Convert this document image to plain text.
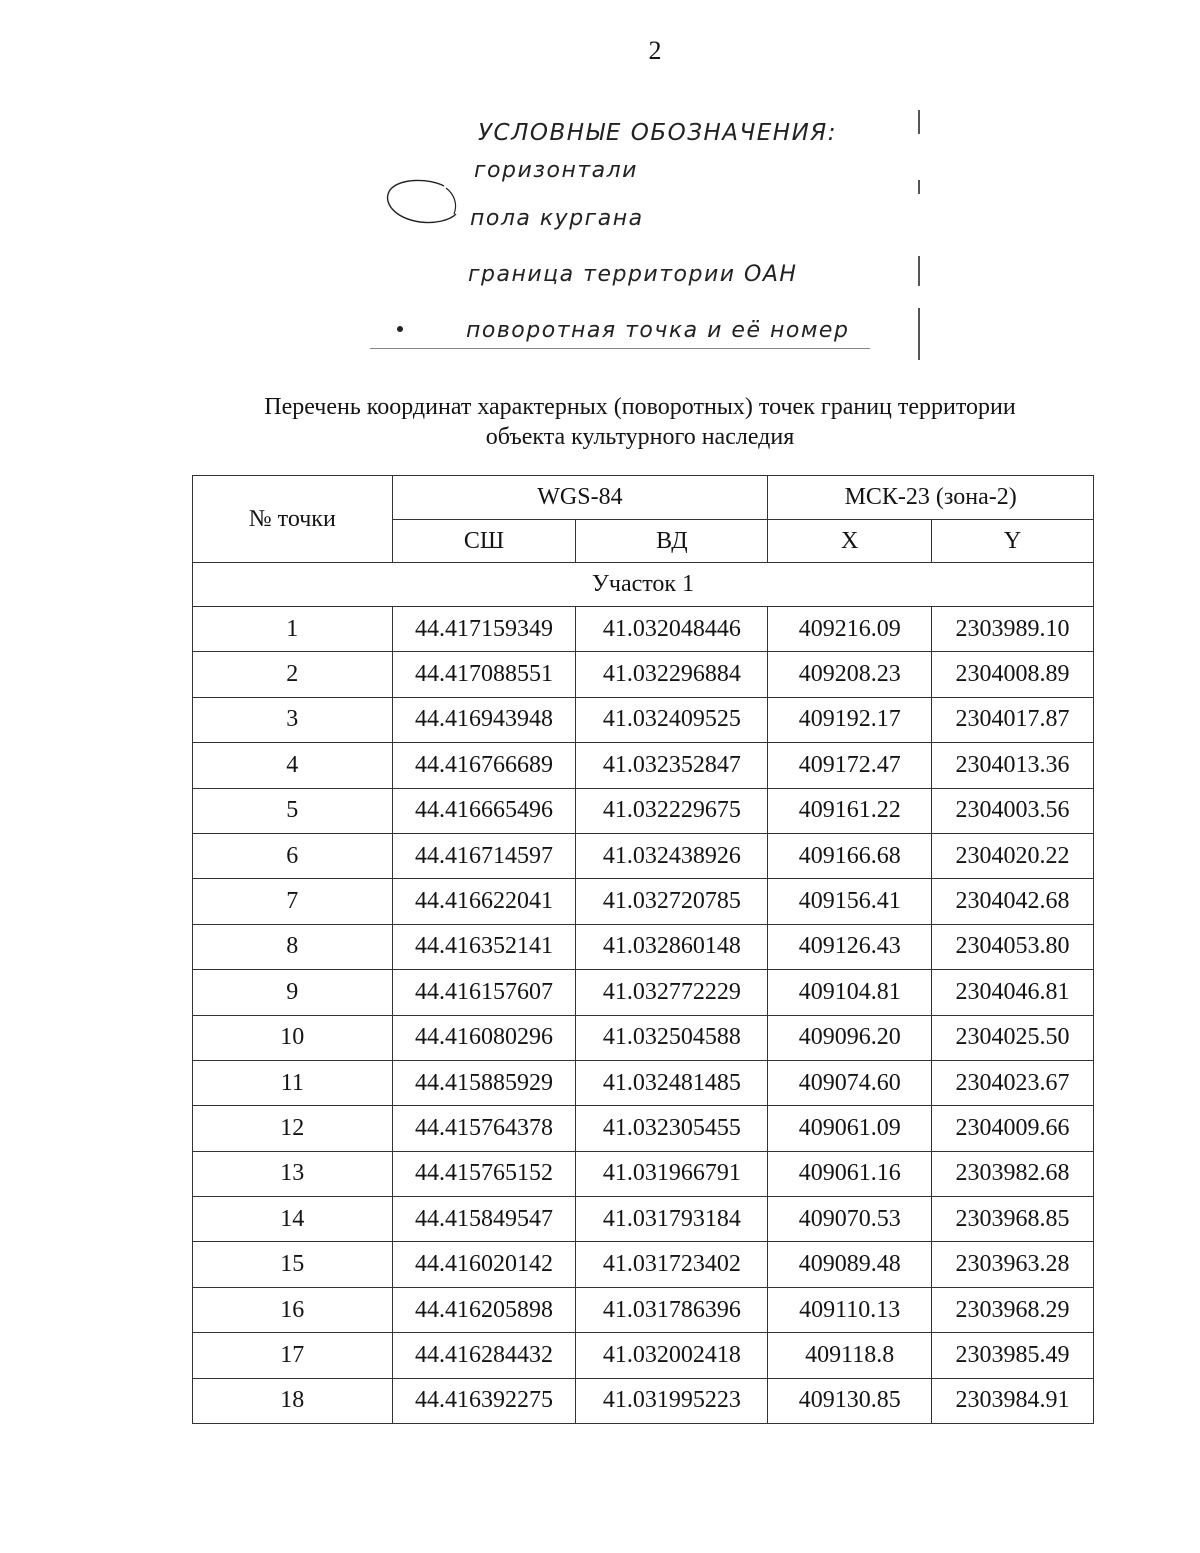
2
УСЛОВНЫЕ ОБОЗНАЧЕНИЯ:
горизонтали
пола кургана
граница территории ОАН
поворотная точка и её номер
Перечень координат характерных (поворотных) точек границ территории
объекта культурного наследия
№ точки	WGS-84		МСК-23 (зона-2)	
	СШ	ВД	X	Y
Участок 1				
1	44.417159349	41.032048446	409216.09	2303989.10
2	44.417088551	41.032296884	409208.23	2304008.89
3	44.416943948	41.032409525	409192.17	2304017.87
4	44.416766689	41.032352847	409172.47	2304013.36
5	44.416665496	41.032229675	409161.22	2304003.56
6	44.416714597	41.032438926	409166.68	2304020.22
7	44.416622041	41.032720785	409156.41	2304042.68
8	44.416352141	41.032860148	409126.43	2304053.80
9	44.416157607	41.032772229	409104.81	2304046.81
10	44.416080296	41.032504588	409096.20	2304025.50
11	44.415885929	41.032481485	409074.60	2304023.67
12	44.415764378	41.032305455	409061.09	2304009.66
13	44.415765152	41.031966791	409061.16	2303982.68
14	44.415849547	41.031793184	409070.53	2303968.85
15	44.416020142	41.031723402	409089.48	2303963.28
16	44.416205898	41.031786396	409110.13	2303968.29
17	44.416284432	41.032002418	409118.8	2303985.49
18	44.416392275	41.031995223	409130.85	2303984.91
